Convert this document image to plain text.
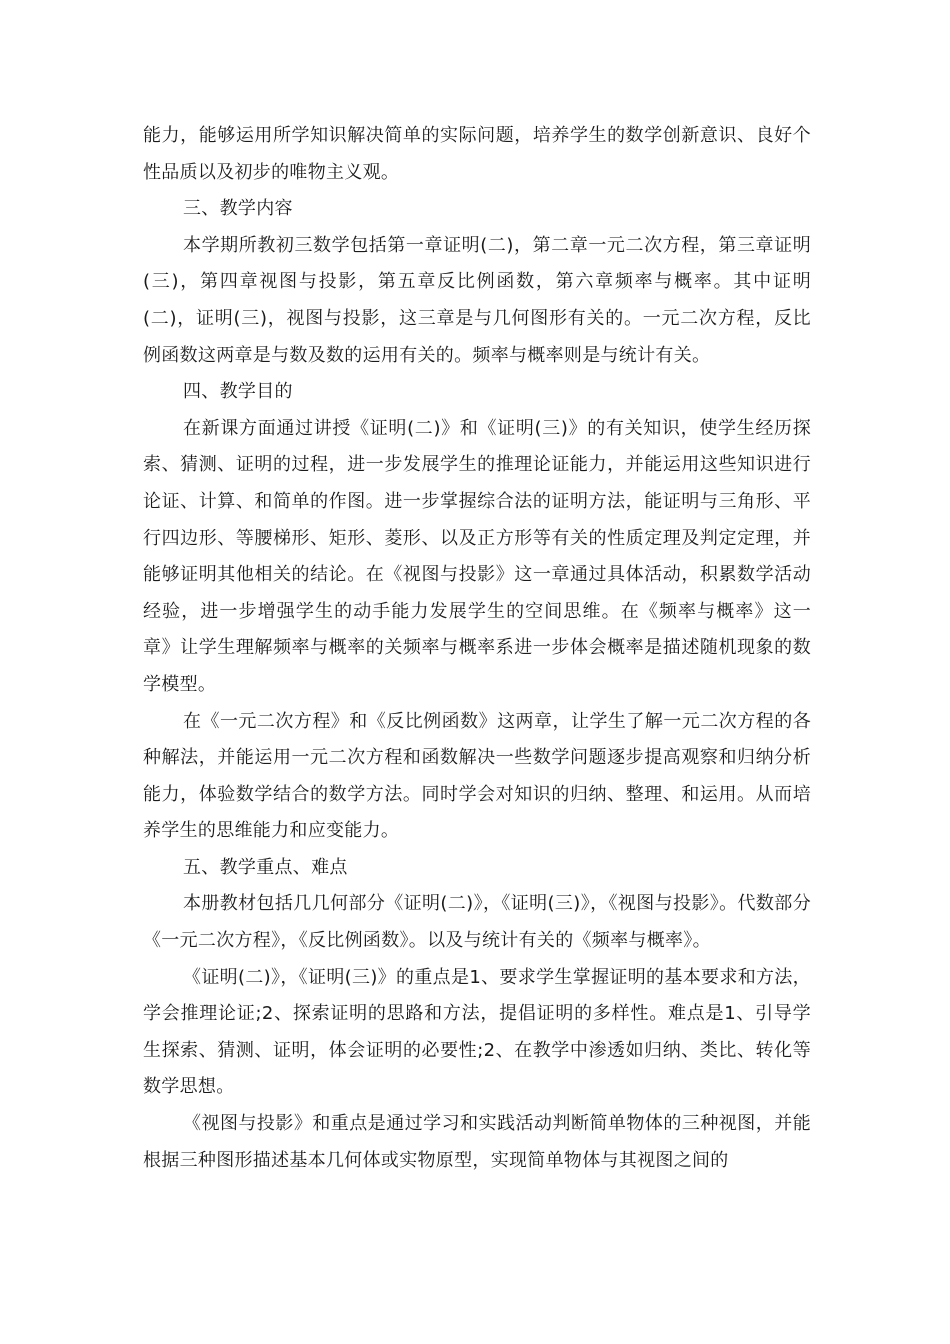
能力，能够运用所学知识解决简单的实际问题，培养学生的数学创新意识、良好个性品质以及初步的唯物主义观。

三、教学内容

本学期所教初三数学包括第一章证明(二)，第二章一元二次方程，第三章证明(三)，第四章视图与投影，第五章反比例函数，第六章频率与概率。其中证明(二)，证明(三)，视图与投影，这三章是与几何图形有关的。一元二次方程，反比例函数这两章是与数及数的运用有关的。频率与概率则是与统计有关。

四、教学目的

在新课方面通过讲授《证明(二)》和《证明(三)》的有关知识，使学生经历探索、猜测、证明的过程，进一步发展学生的推理论证能力，并能运用这些知识进行论证、计算、和简单的作图。进一步掌握综合法的证明方法，能证明与三角形、平行四边形、等腰梯形、矩形、菱形、以及正方形等有关的性质定理及判定定理，并能够证明其他相关的结论。在《视图与投影》这一章通过具体活动，积累数学活动经验，进一步增强学生的动手能力发展学生的空间思维。在《频率与概率》这一章》让学生理解频率与概率的关频率与概率系进一步体会概率是描述随机现象的数学模型。

在《一元二次方程》和《反比例函数》这两章，让学生了解一元二次方程的各种解法，并能运用一元二次方程和函数解决一些数学问题逐步提高观察和归纳分析能力，体验数学结合的数学方法。同时学会对知识的归纳、整理、和运用。从而培养学生的思维能力和应变能力。

五、教学重点、难点

本册教材包括几几何部分《证明(二)》，《证明(三)》，《视图与投影》。代数部分《一元二次方程》，《反比例函数》。以及与统计有关的《频率与概率》。

《证明(二)》，《证明(三)》的重点是1、要求学生掌握证明的基本要求和方法，学会推理论证;2、探索证明的思路和方法，提倡证明的多样性。难点是1、引导学生探索、猜测、证明，体会证明的必要性;2、在教学中渗透如归纳、类比、转化等数学思想。

《视图与投影》和重点是通过学习和实践活动判断简单物体的三种视图，并能根据三种图形描述基本几何体或实物原型，实现简单物体与其视图之间的
